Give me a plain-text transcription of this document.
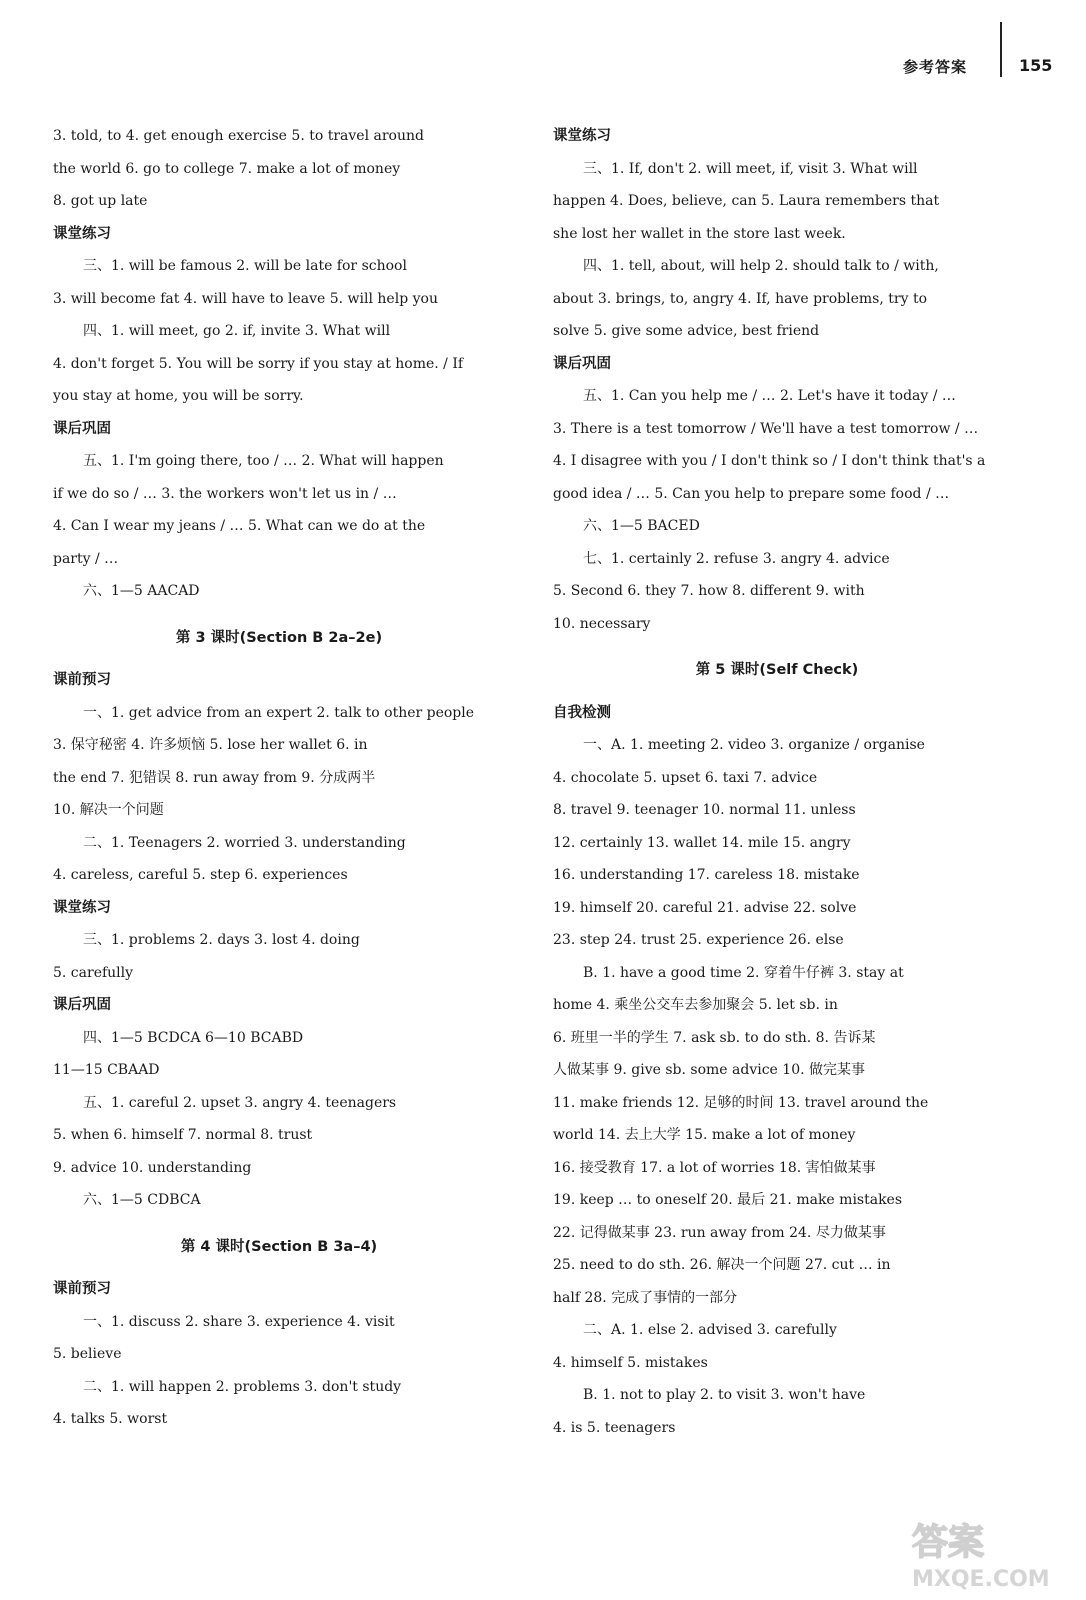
参考答案	155
3. told, to 4. get enough exercise 5. to travel around
the world 6. go to college 7. make a lot of money
8. got up late
课堂练习
三、1. will be famous 2. will be late for school
3. will become fat 4. will have to leave 5. will help you
四、1. will meet, go 2. if, invite 3. What will
4. don't forget 5. You will be sorry if you stay at home. / If
you stay at home, you will be sorry.
课后巩固
五、1. I'm going there, too / … 2. What will happen
if we do so / … 3. the workers won't let us in / …
4. Can I wear my jeans / … 5. What can we do at the
party / …
六、1—5 AACAD
第 3 课时(Section B 2a–2e)
课前预习
一、1. get advice from an expert 2. talk to other people
3. 保守秘密 4. 许多烦恼 5. lose her wallet 6. in
the end 7. 犯错误 8. run away from 9. 分成两半
10. 解决一个问题
二、1. Teenagers 2. worried 3. understanding
4. careless, careful 5. step 6. experiences
课堂练习
三、1. problems 2. days 3. lost 4. doing
5. carefully
课后巩固
四、1—5 BCDCA 6—10 BCABD
11—15 CBAAD
五、1. careful 2. upset 3. angry 4. teenagers
5. when 6. himself 7. normal 8. trust
9. advice 10. understanding
六、1—5 CDBCA
第 4 课时(Section B 3a–4)
课前预习
一、1. discuss 2. share 3. experience 4. visit
5. believe
二、1. will happen 2. problems 3. don't study
4. talks 5. worst
课堂练习
三、1. If, don't 2. will meet, if, visit 3. What will
happen 4. Does, believe, can 5. Laura remembers that
she lost her wallet in the store last week.
四、1. tell, about, will help 2. should talk to / with,
about 3. brings, to, angry 4. If, have problems, try to
solve 5. give some advice, best friend
课后巩固
五、1. Can you help me / … 2. Let's have it today / …
3. There is a test tomorrow / We'll have a test tomorrow / …
4. I disagree with you / I don't think so / I don't think that's a
good idea / … 5. Can you help to prepare some food / …
六、1—5 BACED
七、1. certainly 2. refuse 3. angry 4. advice
5. Second 6. they 7. how 8. different 9. with
10. necessary
第 5 课时(Self Check)
自我检测
一、A. 1. meeting 2. video 3. organize / organise
4. chocolate 5. upset 6. taxi 7. advice
8. travel 9. teenager 10. normal 11. unless
12. certainly 13. wallet 14. mile 15. angry
16. understanding 17. careless 18. mistake
19. himself 20. careful 21. advise 22. solve
23. step 24. trust 25. experience 26. else
B. 1. have a good time 2. 穿着牛仔裤 3. stay at
home 4. 乘坐公交车去参加聚会 5. let sb. in
6. 班里一半的学生 7. ask sb. to do sth. 8. 告诉某
人做某事 9. give sb. some advice 10. 做完某事
11. make friends 12. 足够的时间 13. travel around the
world 14. 去上大学 15. make a lot of money
16. 接受教育 17. a lot of worries 18. 害怕做某事
19. keep … to oneself 20. 最后 21. make mistakes
22. 记得做某事 23. run away from 24. 尽力做某事
25. need to do sth. 26. 解决一个问题 27. cut … in
half 28. 完成了事情的一部分
二、A. 1. else 2. advised 3. carefully
4. himself 5. mistakes
B. 1. not to play 2. to visit 3. won't have
4. is 5. teenagers
答案
MXQE.COM
